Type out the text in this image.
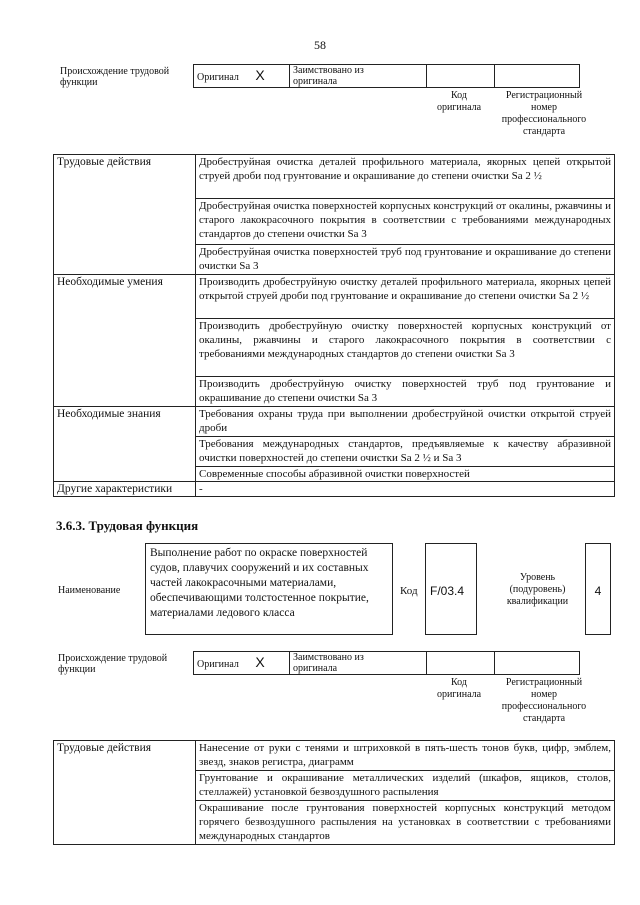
58
Происхождение трудовой
функции	Оригинал X	Заимствовано из
оригинала

Код
оригинала
Регистрационный
номер
профессионального
стандарта
Трудовые действия	Дробеструйная очистка деталей профильного материала, якорных цепей открытой струей дроби под грунтование и окрашивание до степени очистки Sa 2 ½
	Дробеструйная очистка поверхностей корпусных конструкций от окалины, ржавчины и старого лакокрасочного покрытия в соответствии с требованиями международных стандартов до степени очистки Sa 3
	Дробеструйная очистка поверхностей труб под грунтование и окрашивание до степени очистки Sa 3
Необходимые умения	Производить дробеструйную очистку деталей профильного материала, якорных цепей открытой струей дроби под грунтование и окрашивание до степени очистки Sa 2 ½
	Производить дробеструйную очистку поверхностей корпусных конструкций от окалины, ржавчины и старого лакокрасочного покрытия в соответствии с требованиями международных стандартов до степени очистки Sa 3
	Производить дробеструйную очистку поверхностей труб под грунтование и окрашивание до степени очистки Sa 3
Необходимые знания	Требования охраны труда при выполнении дробеструйной очистки открытой струей дроби
	Требования международных стандартов, предъявляемые к качеству абразивной очистки поверхностей до степени очистки Sa 2 ½ и Sa 3
	Современные способы абразивной очистки поверхностей
Другие характеристики	-
3.6.3. Трудовая функция
Наименование
Выполнение работ по окраске поверхностей судов, плавучих сооружений и их составных частей лакокрасочными материалами, обеспечивающими толстостенное покрытие, материалами ледового класса
Код F/03.4
Уровень
(подуровень)
квалификации
4
Происхождение трудовой
функции	Оригинал X	Заимствовано из
оригинала

Код
оригинала
Регистрационный
номер
профессионального
стандарта
Трудовые действия	Нанесение от руки с тенями и штриховкой в пять-шесть тонов букв, цифр, эмблем, звезд, знаков регистра, диаграмм
Грунтование и окрашивание металлических изделий (шкафов, ящиков, столов, стеллажей) установкой безвоздушного распыления
Окрашивание после грунтования поверхностей корпусных конструкций методом горячего безвоздушного распыления на установках в соответствии с требованиями международных стандартов
